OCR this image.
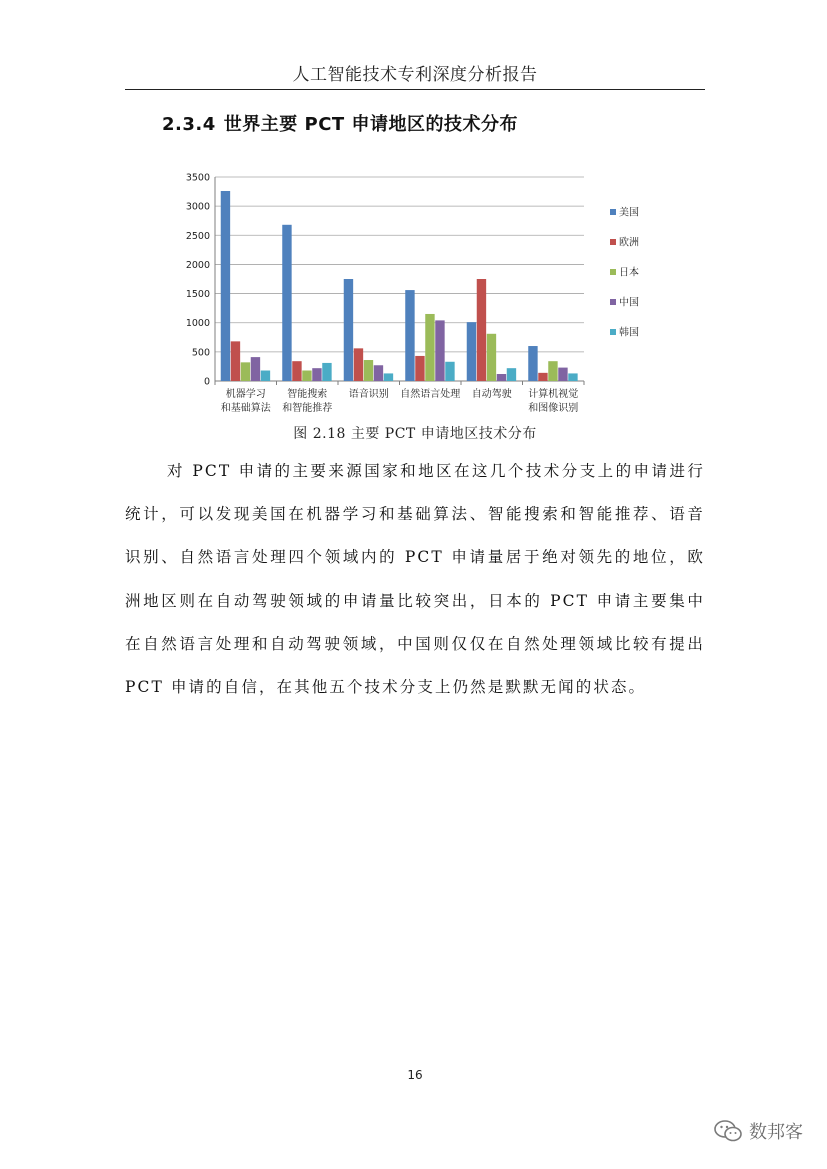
人工智能技术专利深度分析报告
2.3.4 世界主要 PCT 申请地区的技术分布
0
500
1000
1500
2000
2500
3000
3500
机器学习
和基础算法
智能搜索
和智能推荐
语音识别 自然语言处理 自动驾驶 计算机视觉
和图像识别
美国
欧洲
日本
中国
韩国
图 2.18 主要 PCT 申请地区技术分布

对 PCT 申请的主要来源国家和地区在这几个技术分支上的申请进行统计，可以发现美国在机器学习和基础算法、智能搜索和智能推荐、语音识别、自然语言处理四个领域内的 PCT 申请量居于绝对领先的地位，欧洲地区则在自动驾驶领域的申请量比较突出，日本的 PCT 申请主要集中在自然语言处理和自动驾驶领域，中国则仅仅在自然处理领域比较有提出 PCT 申请的自信，在其他五个技术分支上仍然是默默无闻的状态。

16
数邦客
